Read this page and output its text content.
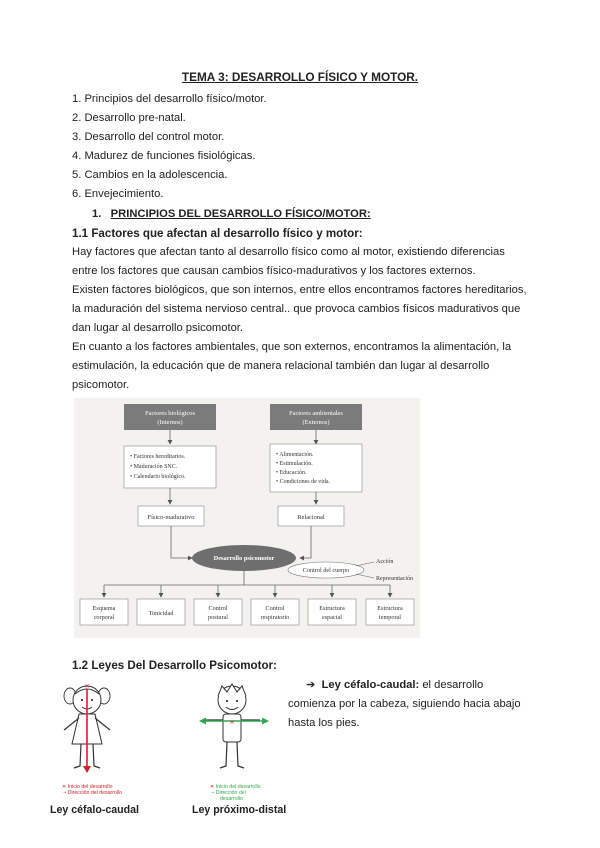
TEMA 3: DESARROLLO FÍSICO Y MOTOR.
1. Principios del desarrollo físico/motor.
2. Desarrollo pre-natal.
3. Desarrollo del control motor.
4. Madurez de funciones fisiológicas.
5. Cambios en la adolescencia.
6. Envejecimiento.
1. PRINCIPIOS DEL DESARROLLO FÍSICO/MOTOR:
1.1 Factores que afectan al desarrollo físico y motor:
Hay factores que afectan tanto al desarrollo físico como al motor, existiendo diferencias
entre los factores que causan cambios físico-madurativos y los factores externos.
Existen factores biológicos, que son internos, entre ellos encontramos factores hereditarios,
la maduración del sistema nervioso central.. que provoca cambios físicos madurativos que
dan lugar al desarrollo psicomotor.
En cuanto a los factores ambientales, que son externos, encontramos la alimentación, la
estimulación, la educación que de manera relacional también dan lugar al desarrollo
psicomotor.
Factores biológicos
(Internos)
Factores ambientales
(Externos)
• Factores hereditarios.
• Maduración SNC.
• Calendario biológico.
• Alimentación.
• Estimulación.
• Educación.
• Condiciones de vida.
Físico-madurativo	Relacional
Desarrollo psicomotor
Control del cuerpo
Acción
Representación
Esquema
corporal
Tonicidad
Control
postural
Control
respiratorio
Estructura
espacial
Estructura
temporal
1.2 Leyes Del Desarrollo Psicomotor:
➔ Ley céfalo-caudal: el desarrollo
comienza por la cabeza, siguiendo hacia abajo
hasta los pies.
✕
✕ Inicio del desarrollo
➝ Dirección del desarrollo
Ley céfalo-caudal
✕
✕ Inicio del desarrollo
➝ Dirección del
desarrollo
Ley próximo-distal
